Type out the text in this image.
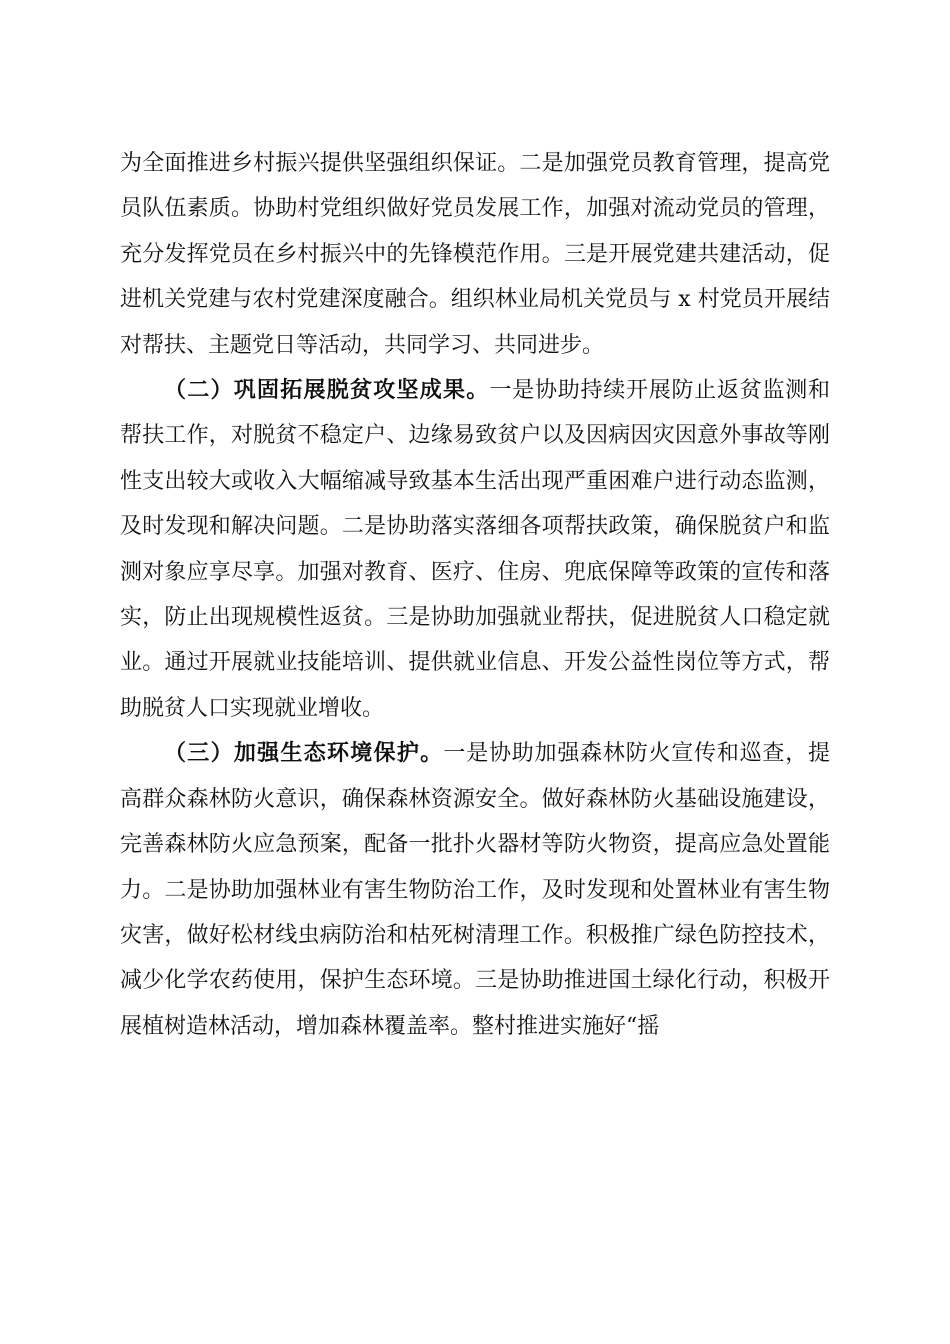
为全面推进乡村振兴提供坚强组织保证。二是加强党员教育管理，提高党员队伍素质。协助村党组织做好党员发展工作，加强对流动党员的管理，充分发挥党员在乡村振兴中的先锋模范作用。三是开展党建共建活动，促进机关党建与农村党建深度融合。组织林业局机关党员与 x 村党员开展结对帮扶、主题党日等活动，共同学习、共同进步。

（二）巩固拓展脱贫攻坚成果。一是协助持续开展防止返贫监测和帮扶工作，对脱贫不稳定户、边缘易致贫户以及因病因灾因意外事故等刚性支出较大或收入大幅缩减导致基本生活出现严重困难户进行动态监测，及时发现和解决问题。二是协助落实落细各项帮扶政策，确保脱贫户和监测对象应享尽享。加强对教育、医疗、住房、兜底保障等政策的宣传和落实，防止出现规模性返贫。三是协助加强就业帮扶，促进脱贫人口稳定就业。通过开展就业技能培训、提供就业信息、开发公益性岗位等方式，帮助脱贫人口实现就业增收。

（三）加强生态环境保护。一是协助加强森林防火宣传和巡查，提高群众森林防火意识，确保森林资源安全。做好森林防火基础设施建设，完善森林防火应急预案，配备一批扑火器材等防火物资，提高应急处置能力。二是协助加强林业有害生物防治工作，及时发现和处置林业有害生物灾害，做好松材线虫病防治和枯死树清理工作。积极推广绿色防控技术，减少化学农药使用，保护生态环境。三是协助推进国土绿化行动，积极开展植树造林活动，增加森林覆盖率。整村推进实施好“摇
